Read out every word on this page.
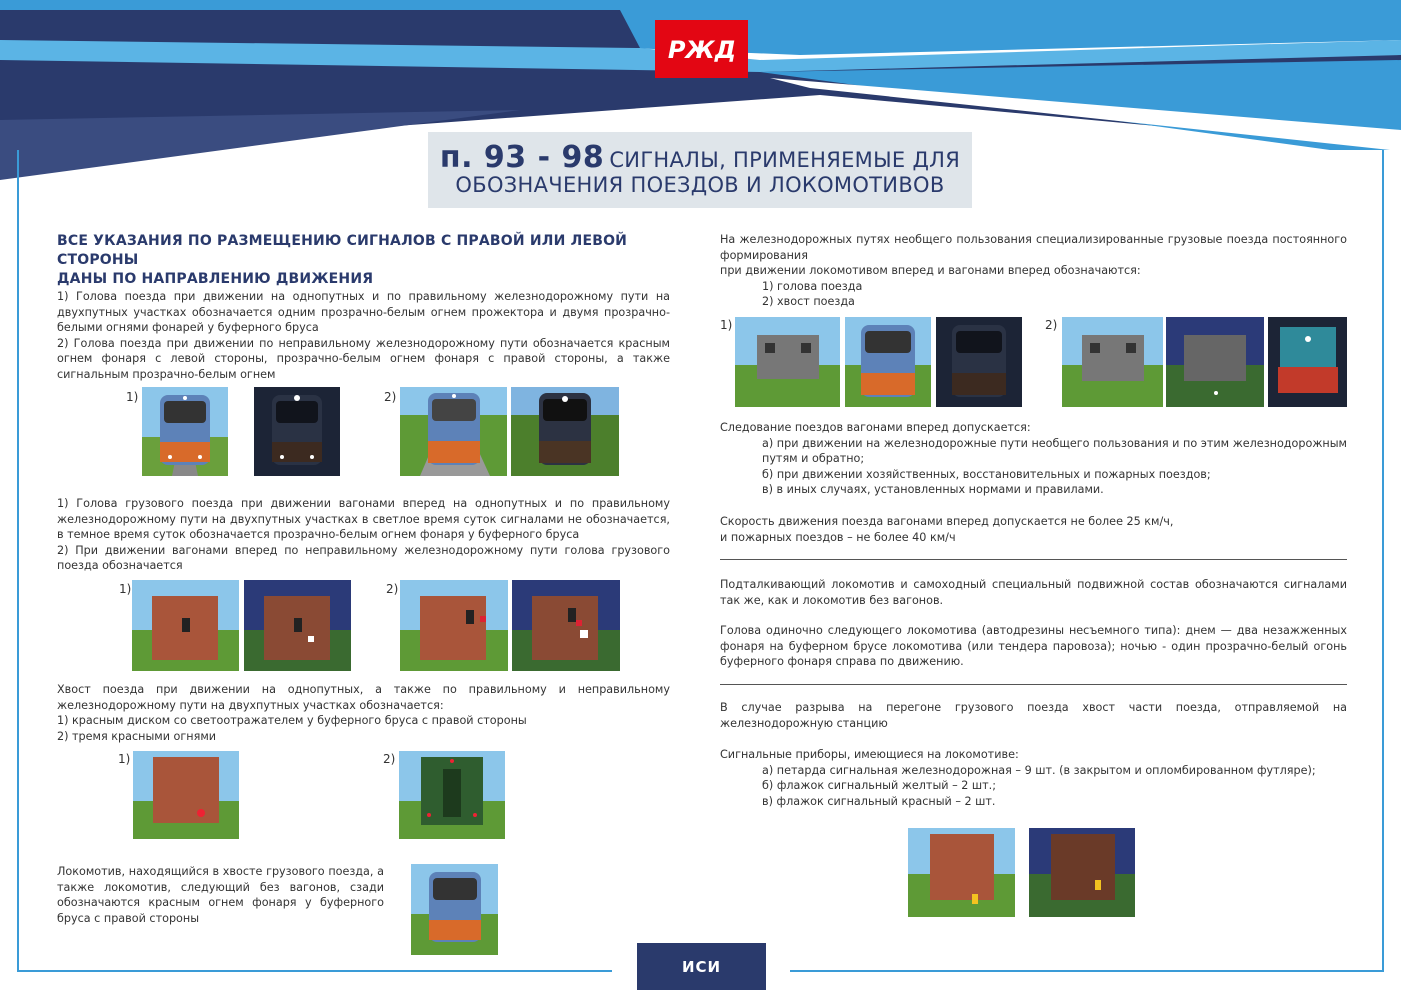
РЖД
п. 93 - 98 СИГНАЛЫ, ПРИМЕНЯЕМЫЕ ДЛЯ
ОБОЗНАЧЕНИЯ ПОЕЗДОВ И ЛОКОМОТИВОВ
ВСЕ УКАЗАНИЯ ПО РАЗМЕЩЕНИЮ СИГНАЛОВ С ПРАВОЙ ИЛИ ЛЕВОЙ СТОРОНЫ
ДАНЫ ПО НАПРАВЛЕНИЮ ДВИЖЕНИЯ

1) Голова поезда при движении на однопутных и по правильному железнодорожному пути на двухпутных участках обозначается одним прозрачно-белым огнем прожектора и двумя прозрачно-белыми огнями фонарей у буферного бруса

2) Голова поезда при движении по неправильному железнодорожному пути обозначается красным огнем фонаря с левой стороны, прозрачно-белым огнем фонаря с правой стороны, а также сигнальным прозрачно-белым огнем

1)	2)

1) Голова грузового поезда при движении вагонами вперед на однопутных и по правильному железнодорожному пути на двухпутных участках в светлое время суток сигналами не обозначается, в темное время суток обозначается прозрачно-белым огнем фонаря у буферного бруса

2) При движении вагонами вперед по неправильному железнодорожному пути голова грузового поезда обозначается

1)	2)

Хвост поезда при движении на однопутных, а также по правильному и неправильному железнодорожному пути на двухпутных участках обозначается:

1) красным диском со светоотражателем у буферного бруса с правой стороны

2) тремя красными огнями

1)	2)

Локомотив, находящийся в хвосте грузового поезда, а также локомотив, следующий без вагонов, сзади обозначаются красным огнем фонаря у буферного бруса с правой стороны

На железнодорожных путях необщего пользования специализированные грузовые поезда постоянного формирования

при движении локомотивом вперед и вагонами вперед обозначаются:

1) голова поезда

2) хвост поезда

1)	2)

Следование поездов вагонами вперед допускается:

а) при движении на железнодорожные пути необщего пользования и по этим железнодорожным путям и обратно;

б) при движении хозяйственных, восстановительных и пожарных поездов;

в) в иных случаях, установленных нормами и правилами.

Скорость движения поезда вагонами вперед допускается не более 25 км/ч,

и пожарных поездов – не более 40 км/ч

Подталкивающий локомотив и самоходный специальный подвижной состав обозначаются сигналами так же, как и локомотив без вагонов.

Голова одиночно следующего локомотива (автодрезины несъемного типа): днем — два незажженных фонаря на буферном брусе локомотива (или тендера паровоза); ночью - один прозрачно-белый огонь буферного фонаря справа по движению.

В случае разрыва на перегоне грузового поезда хвост части поезда, отправляемой на железнодорожную станцию

Сигнальные приборы, имеющиеся на локомотиве:

а) петарда сигнальная железнодорожная – 9 шт. (в закрытом и опломбированном футляре);

б) флажок сигнальный желтый – 2 шт.;

в) флажок сигнальный красный – 2 шт.

ИСИ
